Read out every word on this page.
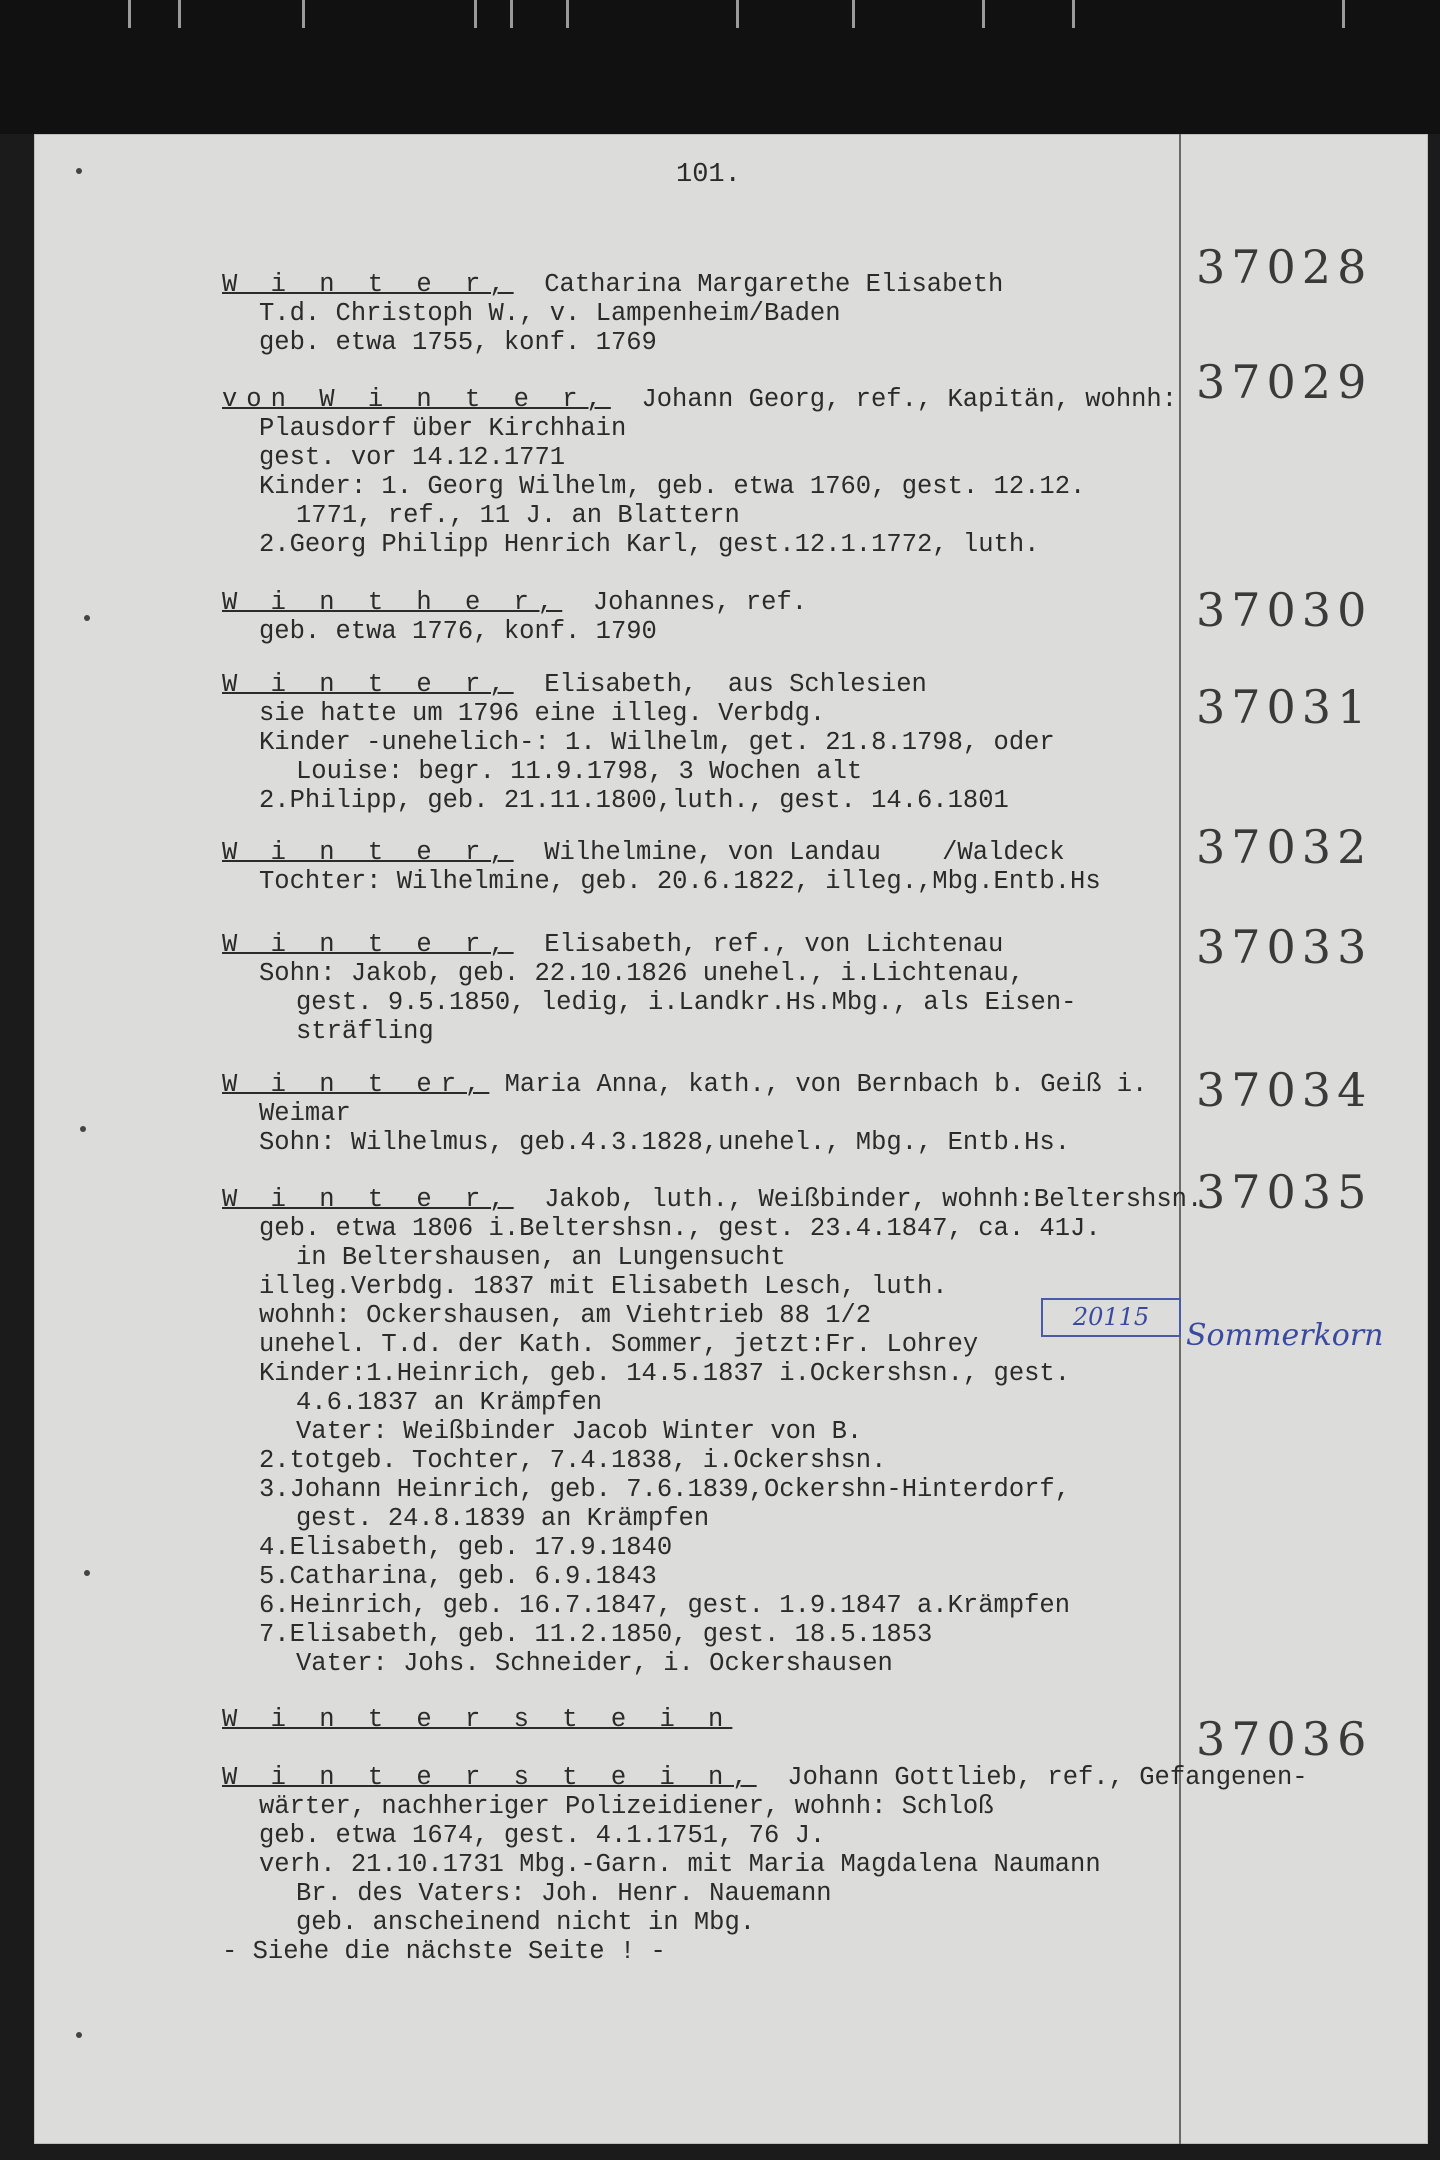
101.
W i n t e r,  Catharina Margarethe Elisabeth
T.d. Christoph W., v. Lampenheim/Baden
geb. etwa 1755, konf. 1769
37028
von W i n t e r,  Johann Georg, ref., Kapitän, wohnh:
Plausdorf über Kirchhain
gest. vor 14.12.1771
Kinder: 1. Georg Wilhelm, geb. etwa 1760, gest. 12.12.
1771, ref., 11 J. an Blattern
2.Georg Philipp Henrich Karl, gest.12.1.1772, luth.
37029
W i n t h e r,  Johannes, ref.
geb. etwa 1776, konf. 1790	37030
W i n t e r,  Elisabeth,  aus Schlesien
sie hatte um 1796 eine illeg. Verbdg.
Kinder -unehelich-: 1. Wilhelm, get. 21.8.1798, oder
Louise: begr. 11.9.1798, 3 Wochen alt
2.Philipp, geb. 21.11.1800,luth., gest. 14.6.1801
37031
W i n t e r,  Wilhelmine, von Landau    /Waldeck
Tochter: Wilhelmine, geb. 20.6.1822, illeg.,Mbg.Entb.Hs
37032
W i n t e r,  Elisabeth, ref., von Lichtenau
Sohn: Jakob, geb. 22.10.1826 unehel., i.Lichtenau,
gest. 9.5.1850, ledig, i.Landkr.Hs.Mbg., als Eisen-
sträfling
37033
W i n t er, Maria Anna, kath., von Bernbach b. Geiß i.
Weimar
Sohn: Wilhelmus, geb.4.3.1828,unehel., Mbg., Entb.Hs.
37034
W i n t e r,  Jakob, luth., Weißbinder, wohnh:Beltershsn.
geb. etwa 1806 i.Beltershsn., gest. 23.4.1847, ca. 41J.
in Beltershausen, an Lungensucht
illeg.Verbdg. 1837 mit Elisabeth Lesch, luth.
wohnh: Ockershausen, am Viehtrieb 88 1/2
unehel. T.d. der Kath. Sommer, jetzt:Fr. Lohrey
Kinder:1.Heinrich, geb. 14.5.1837 i.Ockershsn., gest.
4.6.1837 an Krämpfen
Vater: Weißbinder Jacob Winter von B.
2.totgeb. Tochter, 7.4.1838, i.Ockershsn.
3.Johann Heinrich, geb. 7.6.1839,Ockershn-Hinterdorf,
gest. 24.8.1839 an Krämpfen
4.Elisabeth, geb. 17.9.1840
5.Catharina, geb. 6.9.1843
6.Heinrich, geb. 16.7.1847, gest. 1.9.1847 a.Krämpfen
7.Elisabeth, geb. 11.2.1850, gest. 18.5.1853
Vater: Johs. Schneider, i. Ockershausen
37035
W i n t e r s t e i n
W i n t e r s t e i n,  Johann Gottlieb, ref., Gefangenen-
wärter, nachheriger Polizeidiener, wohnh: Schloß
geb. etwa 1674, gest. 4.1.1751, 76 J.
verh. 21.10.1731 Mbg.-Garn. mit Maria Magdalena Naumann
Br. des Vaters: Joh. Henr. Nauemann
geb. anscheinend nicht in Mbg.
- Siehe die nächste Seite ! -
37036
20115
Sommerkorn
